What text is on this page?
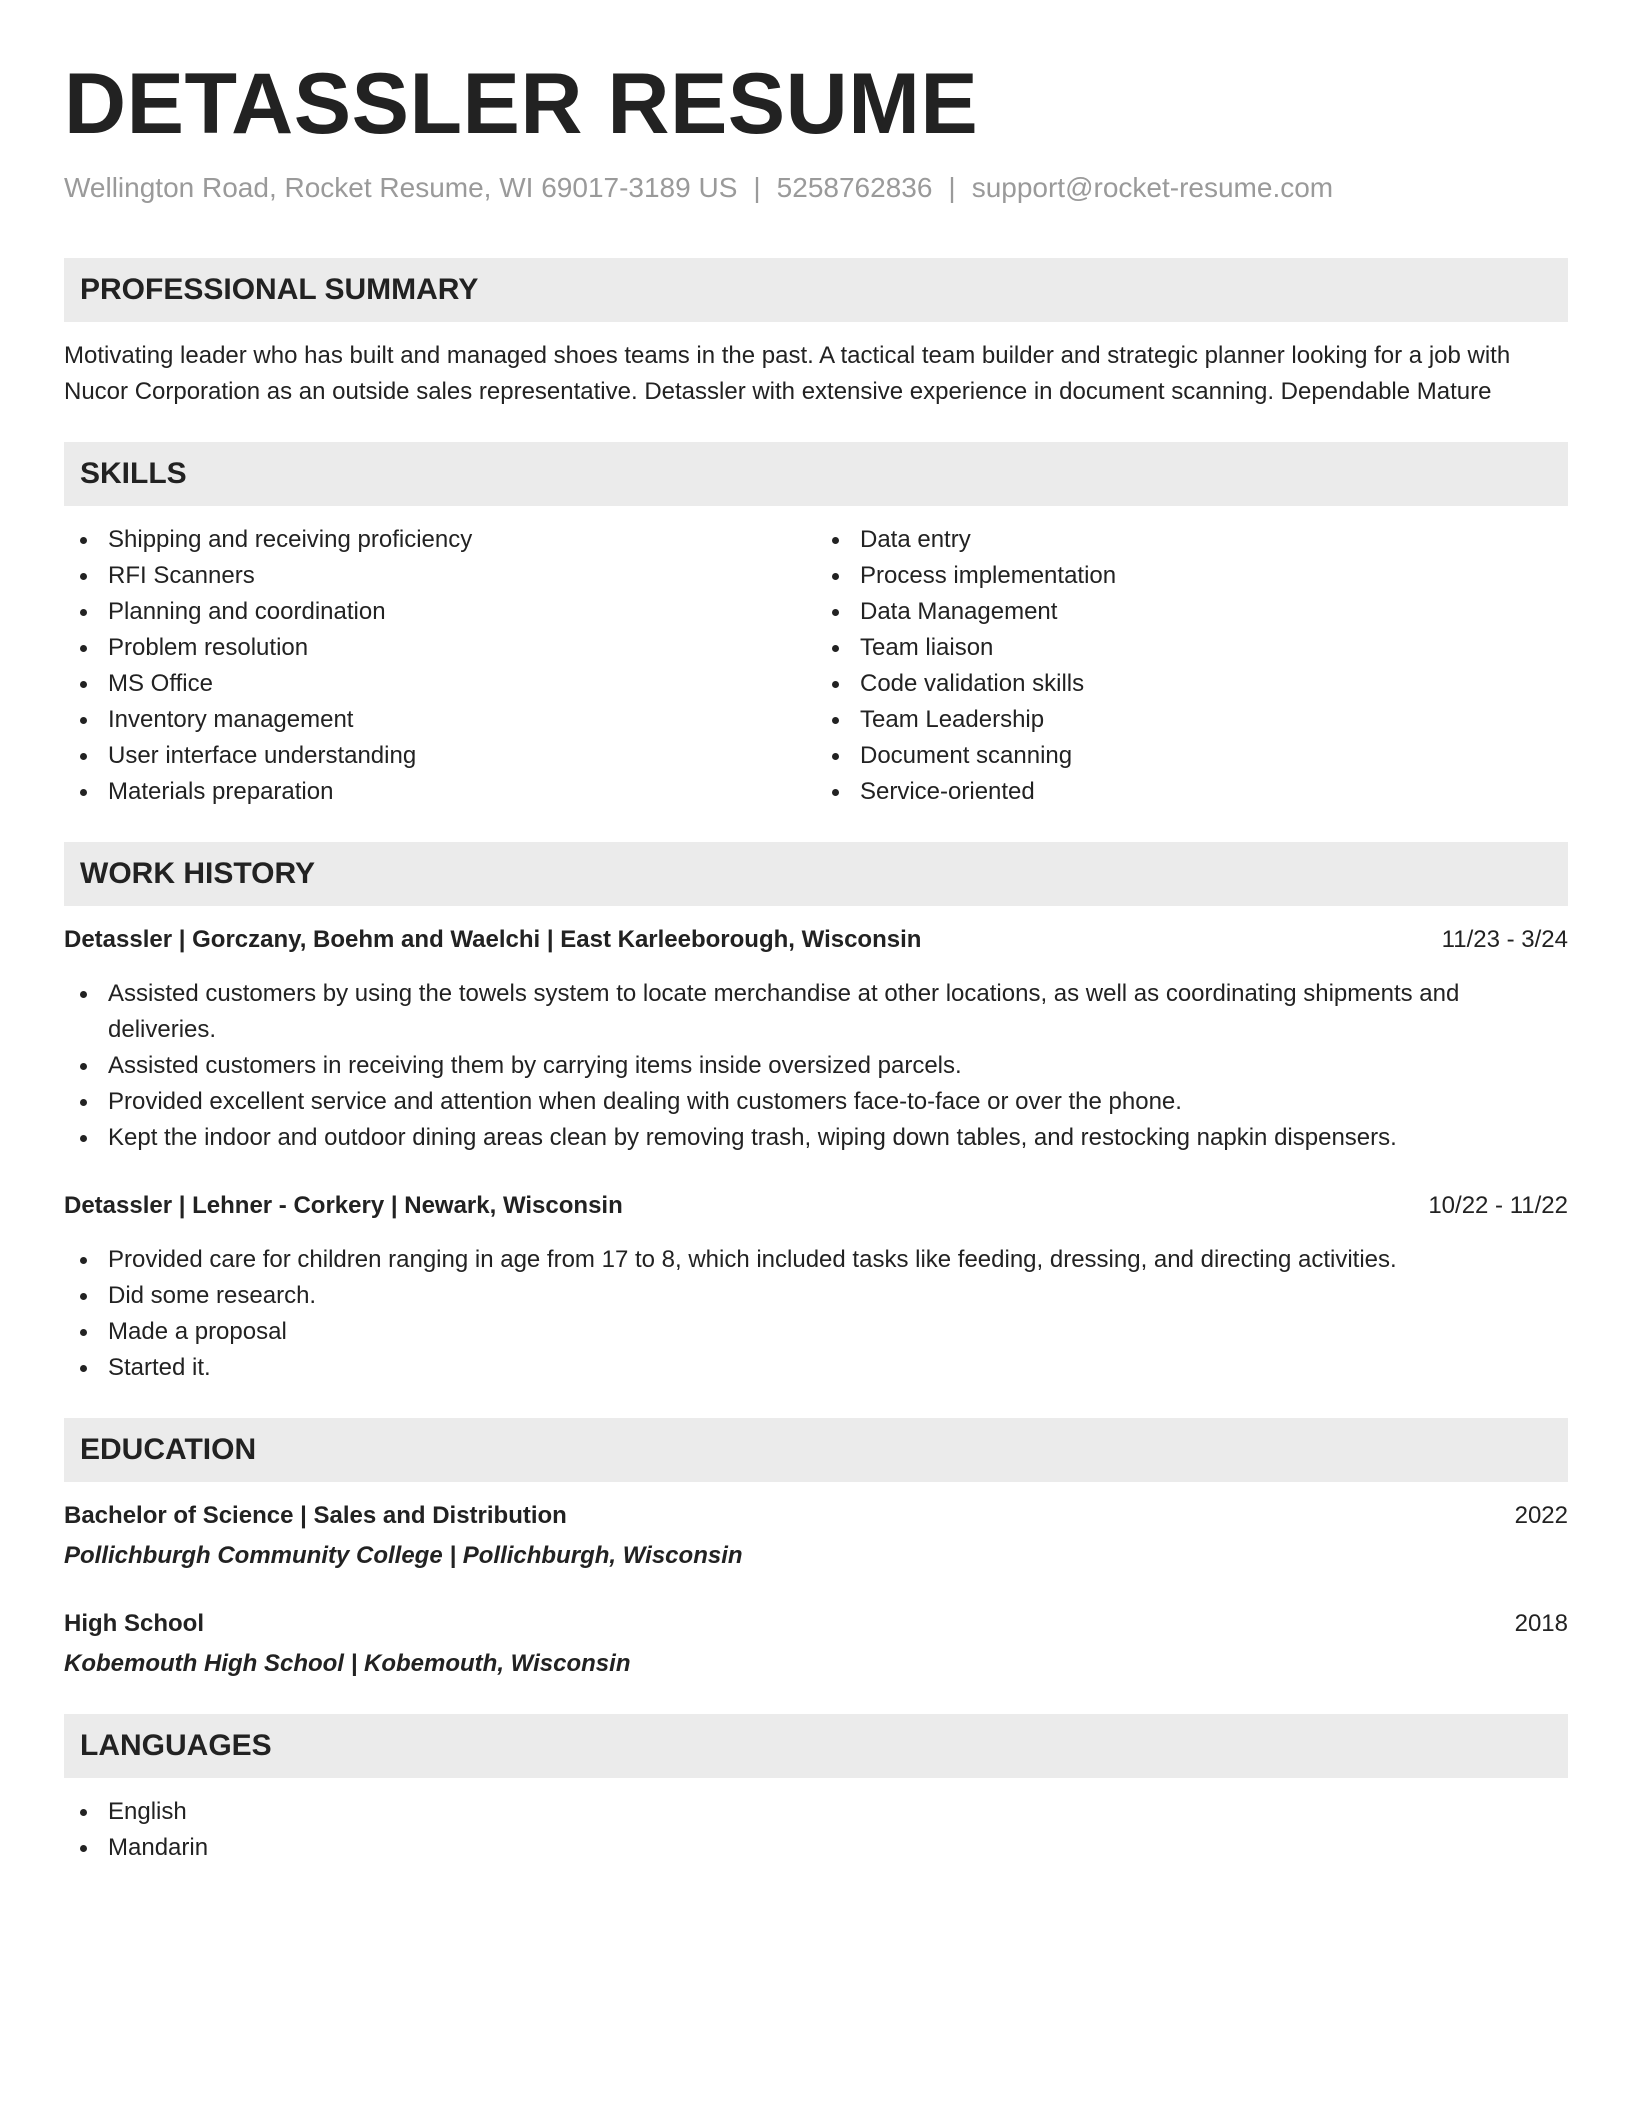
DETASSLER RESUME
Wellington Road, Rocket Resume, WI 69017-3189 US | 5258762836 | support@rocket-resume.com
PROFESSIONAL SUMMARY

Motivating leader who has built and managed shoes teams in the past. A tactical team builder and strategic planner looking for a job with Nucor Corporation as an outside sales representative. Detassler with extensive experience in document scanning. Dependable Mature

SKILLS
Shipping and receiving proficiency
RFI Scanners
Planning and coordination
Problem resolution
MS Office
Inventory management
User interface understanding
Materials preparation
Data entry
Process implementation
Data Management
Team liaison
Code validation skills
Team Leadership
Document scanning
Service-oriented
WORK HISTORY
Detassler | Gorczany, Boehm and Waelchi | East Karleeborough, Wisconsin	11/23 - 3/24
Assisted customers by using the towels system to locate merchandise at other locations, as well as coordinating shipments and deliveries.
Assisted customers in receiving them by carrying items inside oversized parcels.
Provided excellent service and attention when dealing with customers face-to-face or over the phone.
Kept the indoor and outdoor dining areas clean by removing trash, wiping down tables, and restocking napkin dispensers.
Detassler | Lehner - Corkery | Newark, Wisconsin	10/22 - 11/22
Provided care for children ranging in age from 17 to 8, which included tasks like feeding, dressing, and directing activities.
Did some research.
Made a proposal
Started it.
EDUCATION
Bachelor of Science | Sales and Distribution	2022
Pollichburgh Community College | Pollichburgh, Wisconsin
High School	2018
Kobemouth High School | Kobemouth, Wisconsin
LANGUAGES
English
Mandarin
